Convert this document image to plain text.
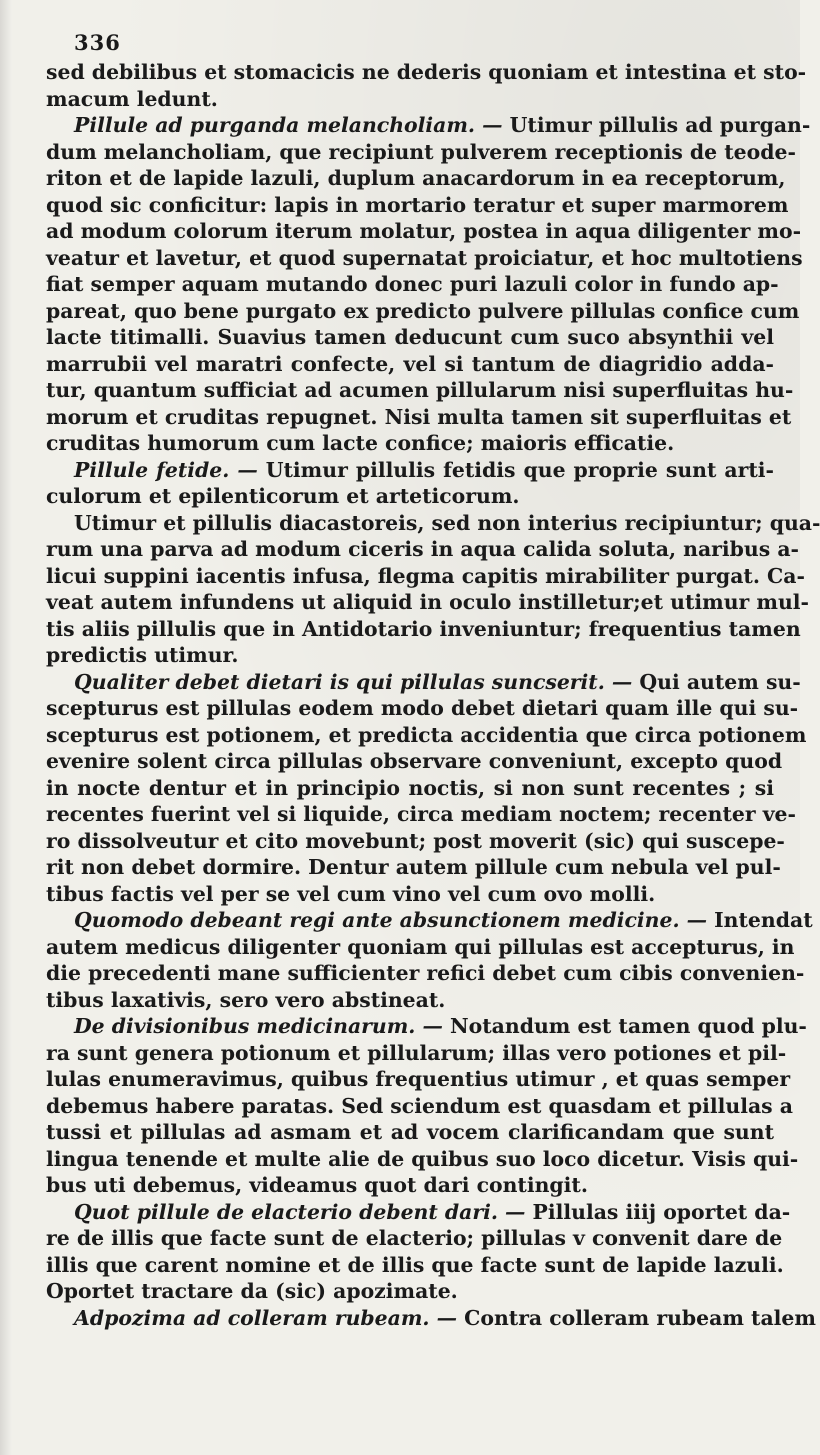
336
sed debilibus et stomacicis ne dederis quoniam et intestina et sto-
macum ledunt.
Pillule ad purganda melancholiam. — Utimur pillulis ad purgan-
dum melancholiam, que recipiunt pulverem receptionis de teode-
riton et de lapide lazuli, duplum anacardorum in ea receptorum,
quod sic conficitur: lapis in mortario teratur et super marmorem
ad modum colorum iterum molatur, postea in aqua diligenter mo-
veatur et lavetur, et quod supernatat proiciatur, et hoc multotiens
fiat semper aquam mutando donec puri lazuli color in fundo ap-
pareat, quo bene purgato ex predicto pulvere pillulas confice cum
lacte titimalli. Suavius tamen deducunt cum suco absynthii vel
marrubii vel maratri confecte, vel si tantum de diagridio adda-
tur, quantum sufficiat ad acumen pillularum nisi superfluitas hu-
morum et cruditas repugnet. Nisi multa tamen sit superfluitas et
cruditas humorum cum lacte confice; maioris efficatie.
Pillule fetide. — Utimur pillulis fetidis que proprie sunt arti-
culorum et epilenticorum et arteticorum.
Utimur et pillulis diacastoreis, sed non interius recipiuntur; qua-
rum una parva ad modum ciceris in aqua calida soluta, naribus a-
licui suppini iacentis infusa, flegma capitis mirabiliter purgat. Ca-
veat autem infundens ut aliquid in oculo instilletur;et utimur mul-
tis aliis pillulis que in Antidotario inveniuntur; frequentius tamen
predictis utimur.
Qualiter debet dietari is qui pillulas suncserit. — Qui autem su-
scepturus est pillulas eodem modo debet dietari quam ille qui su-
scepturus est potionem, et predicta accidentia que circa potionem
evenire solent circa pillulas observare conveniunt, excepto quod
in nocte dentur et in principio noctis, si non sunt recentes ; si
recentes fuerint vel si liquide, circa mediam noctem; recenter ve-
ro dissolveutur et cito movebunt; post moverit (sic) qui suscepe-
rit non debet dormire. Dentur autem pillule cum nebula vel pul-
tibus factis vel per se vel cum vino vel cum ovo molli.
Quomodo debeant regi ante absunctionem medicine. — Intendat
autem medicus diligenter quoniam qui pillulas est accepturus, in
die precedenti mane sufficienter refici debet cum cibis convenien-
tibus laxativis, sero vero abstineat.
De divisionibus medicinarum. — Notandum est tamen quod plu-
ra sunt genera potionum et pillularum; illas vero potiones et pil-
lulas enumeravimus, quibus frequentius utimur , et quas semper
debemus habere paratas. Sed sciendum est quasdam et pillulas a
tussi et pillulas ad asmam et ad vocem clarificandam que sunt
lingua tenende et multe alie de quibus suo loco dicetur. Visis qui-
bus uti debemus, videamus quot dari contingit.
Quot pillule de elacterio debent dari. — Pillulas iiij oportet da-
re de illis que facte sunt de elacterio; pillulas v convenit dare de
illis que carent nomine et de illis que facte sunt de lapide lazuli.
Oportet tractare da (sic) apozimate.
Adpozima ad colleram rubeam. — Contra colleram rubeam talem
